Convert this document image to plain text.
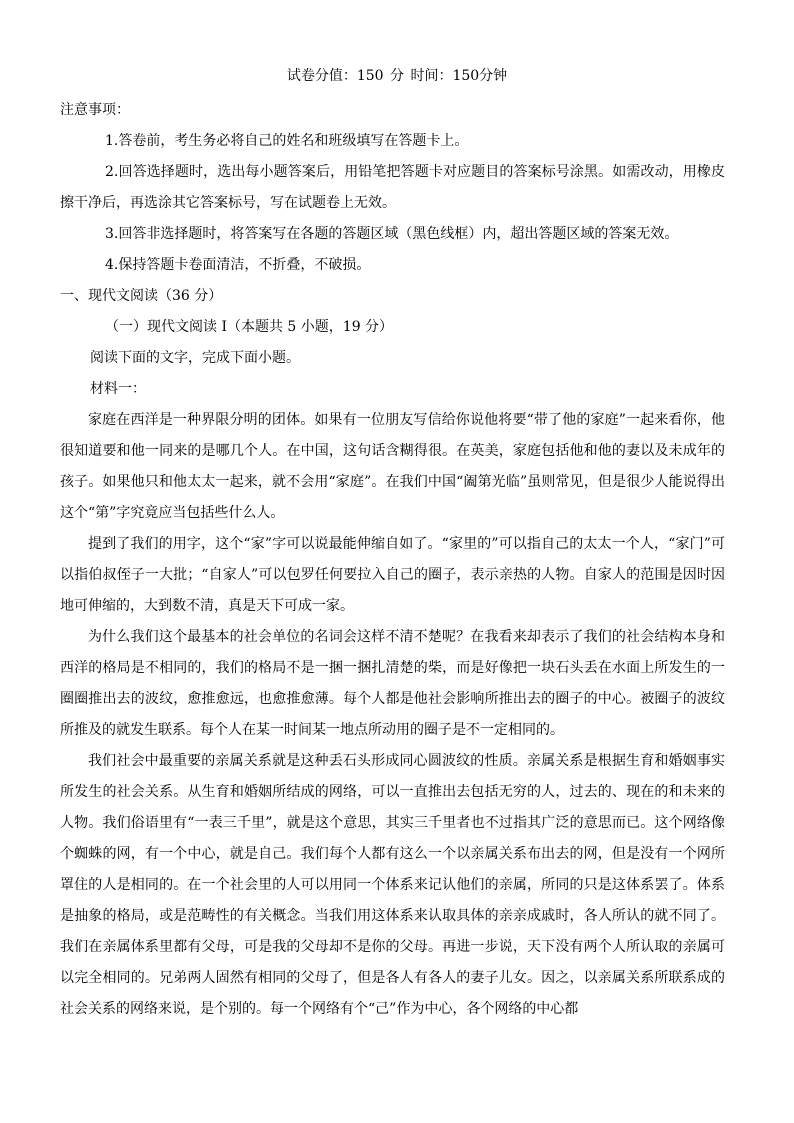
试卷分值：150 分 时间：150分钟
注意事项：
1.答卷前，考生务必将自己的姓名和班级填写在答题卡上。

2.回答选择题时，选出每小题答案后，用铅笔把答题卡对应题目的答案标号涂黑。如需改动，用橡皮擦干净后，再选涂其它答案标号，写在试题卷上无效。

3.回答非选择题时，将答案写在各题的答题区域（黑色线框）内，超出答题区域的答案无效。
4.保持答题卡卷面清洁，不折叠，不破损。
一、现代文阅读（36 分）
（一）现代文阅读 I（本题共 5 小题，19 分）
阅读下面的文字，完成下面小题。
材料一：

家庭在西洋是一种界限分明的团体。如果有一位朋友写信给你说他将要“带了他的家庭”一起来看你，他很知道要和他一同来的是哪几个人。在中国，这句话含糊得很。在英美，家庭包括他和他的妻以及未成年的孩子。如果他只和他太太一起来，就不会用“家庭”。在我们中国“阖第光临”虽则常见，但是很少人能说得出这个“第”字究竟应当包括些什么人。

提到了我们的用字，这个“家”字可以说最能伸缩自如了。“家里的”可以指自己的太太一个人，“家门”可以指伯叔侄子一大批；“自家人”可以包罗任何要拉入自己的圈子，表示亲热的人物。自家人的范围是因时因地可伸缩的，大到数不清，真是天下可成一家。

为什么我们这个最基本的社会单位的名词会这样不清不楚呢？在我看来却表示了我们的社会结构本身和西洋的格局是不相同的，我们的格局不是一捆一捆扎清楚的柴，而是好像把一块石头丢在水面上所发生的一圈圈推出去的波纹，愈推愈远，也愈推愈薄。每个人都是他社会影响所推出去的圈子的中心。被圈子的波纹所推及的就发生联系。每个人在某一时间某一地点所动用的圈子是不一定相同的。

我们社会中最重要的亲属关系就是这种丢石头形成同心圆波纹的性质。亲属关系是根据生育和婚姻事实所发生的社会关系。从生育和婚姻所结成的网络，可以一直推出去包括无穷的人，过去的、现在的和未来的人物。我们俗语里有“一表三千里”，就是这个意思，其实三千里者也不过指其广泛的意思而已。这个网络像个蜘蛛的网，有一个中心，就是自己。我们每个人都有这么一个以亲属关系布出去的网，但是没有一个网所罩住的人是相同的。在一个社会里的人可以用同一个体系来记认他们的亲属，所同的只是这体系罢了。体系是抽象的格局，或是范畴性的有关概念。当我们用这体系来认取具体的亲亲成戚时，各人所认的就不同了。我们在亲属体系里都有父母，可是我的父母却不是你的父母。再进一步说，天下没有两个人所认取的亲属可以完全相同的。兄弟两人固然有相同的父母了，但是各人有各人的妻子儿女。因之，以亲属关系所联系成的社会关系的网络来说，是个别的。每一个网络有个“己”作为中心，各个网络的中心都
